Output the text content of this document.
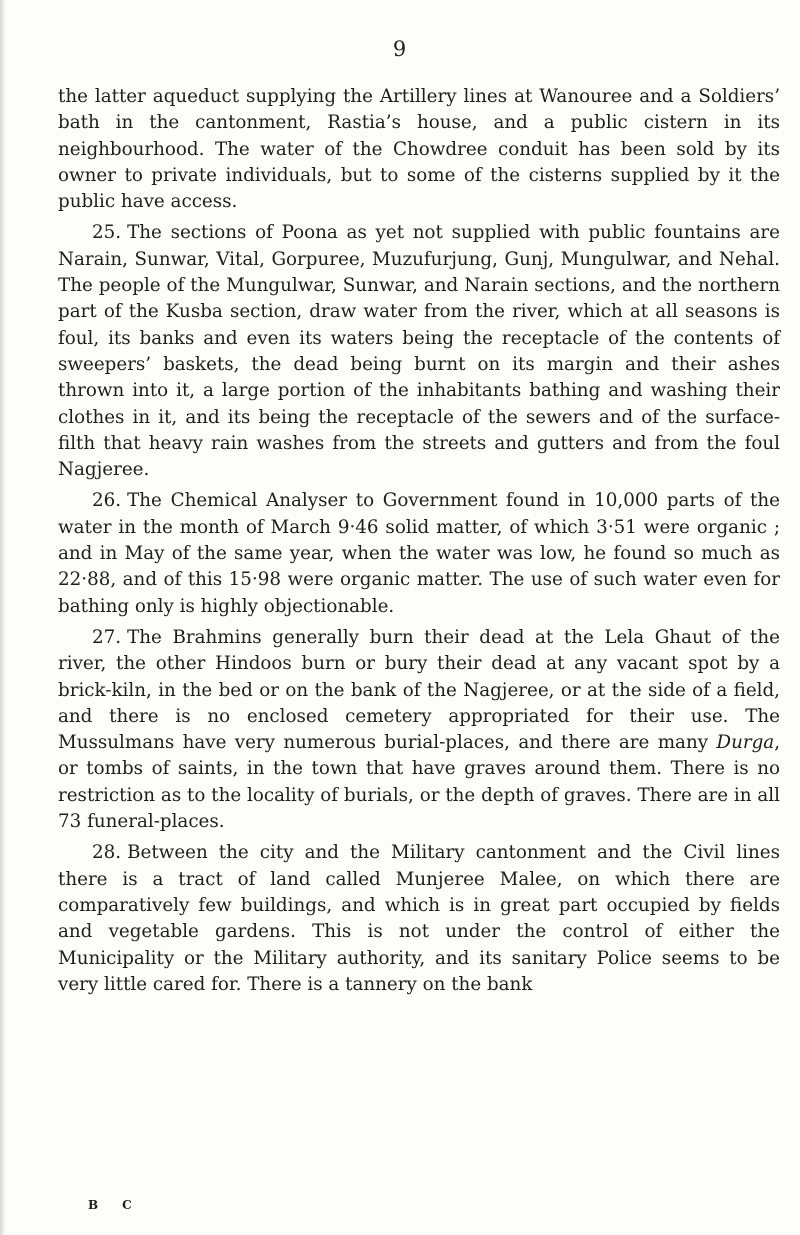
9

the latter aqueduct supplying the Artillery lines at Wanouree and a Soldiers’ bath in the cantonment, Rastia’s house, and a public cistern in its neighbourhood. The water of the Chowdree conduit has been sold by its owner to private individuals, but to some of the cisterns supplied by it the public have access.

25. The sections of Poona as yet not supplied with public fountains are Narain, Sunwar, Vital, Gorpuree, Muzufurjung, Gunj, Mungulwar, and Nehal. The people of the Mungulwar, Sunwar, and Narain sections, and the northern part of the Kusba section, draw water from the river, which at all seasons is foul, its banks and even its waters being the receptacle of the contents of sweepers’ baskets, the dead being burnt on its margin and their ashes thrown into it, a large portion of the inhabitants bathing and washing their clothes in it, and its being the receptacle of the sewers and of the surface-filth that heavy rain washes from the streets and gutters and from the foul Nagjeree.

26. The Chemical Analyser to Government found in 10,000 parts of the water in the month of March 9·46 solid matter, of which 3·51 were organic ; and in May of the same year, when the water was low, he found so much as 22·88, and of this 15·98 were organic matter. The use of such water even for bathing only is highly objectionable.

27. The Brahmins generally burn their dead at the Lela Ghaut of the river, the other Hindoos burn or bury their dead at any vacant spot by a brick-kiln, in the bed or on the bank of the Nagjeree, or at the side of a field, and there is no enclosed cemetery appropriated for their use. The Mussulmans have very numerous burial-places, and there are many Durga, or tombs of saints, in the town that have graves around them. There is no restriction as to the locality of burials, or the depth of graves. There are in all 73 funeral-places.

28. Between the city and the Military cantonment and the Civil lines there is a tract of land called Munjeree Malee, on which there are comparatively few buildings, and which is in great part occupied by fields and vegetable gardens. This is not under the control of either the Municipality or the Military authority, and its sanitary Police seems to be very little cared for. There is a tannery on the bank

B C
